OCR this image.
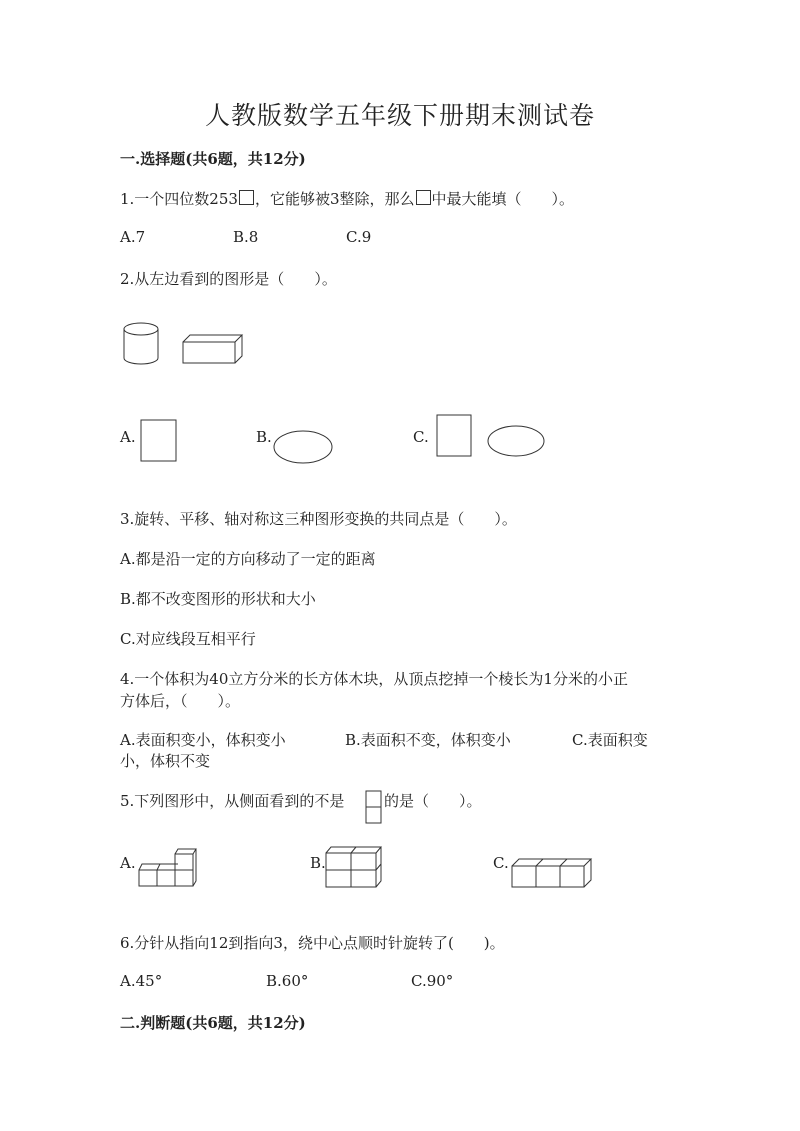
人教版数学五年级下册期末测试卷
一.选择题(共6题，共12分)
1.一个四位数253 ，它能够被3整除，那么 中最大能填（　　）。
A.7	B.8	C.9
2.从左边看到的图形是（　　）。
A.	B.	C.
3.旋转、平移、轴对称这三种图形变换的共同点是（　　）。
A.都是沿一定的方向移动了一定的距离
B.都不改变图形的形状和大小
C.对应线段互相平行
4.一个体积为40立方分米的长方体木块，从顶点挖掉一个棱长为1分米的小正
方体后，（　　）。
A.表面积变小，体积变小	B.表面积不变，体积变小	C.表面积变
小，体积不变
5.下列图形中，从侧面看到的不是	的是（　　）。
A.	B.	C.
6.分针从指向12到指向3，绕中心点顺时针旋转了(　　)。
A.45°	B.60°	C.90°
二.判断题(共6题，共12分)
